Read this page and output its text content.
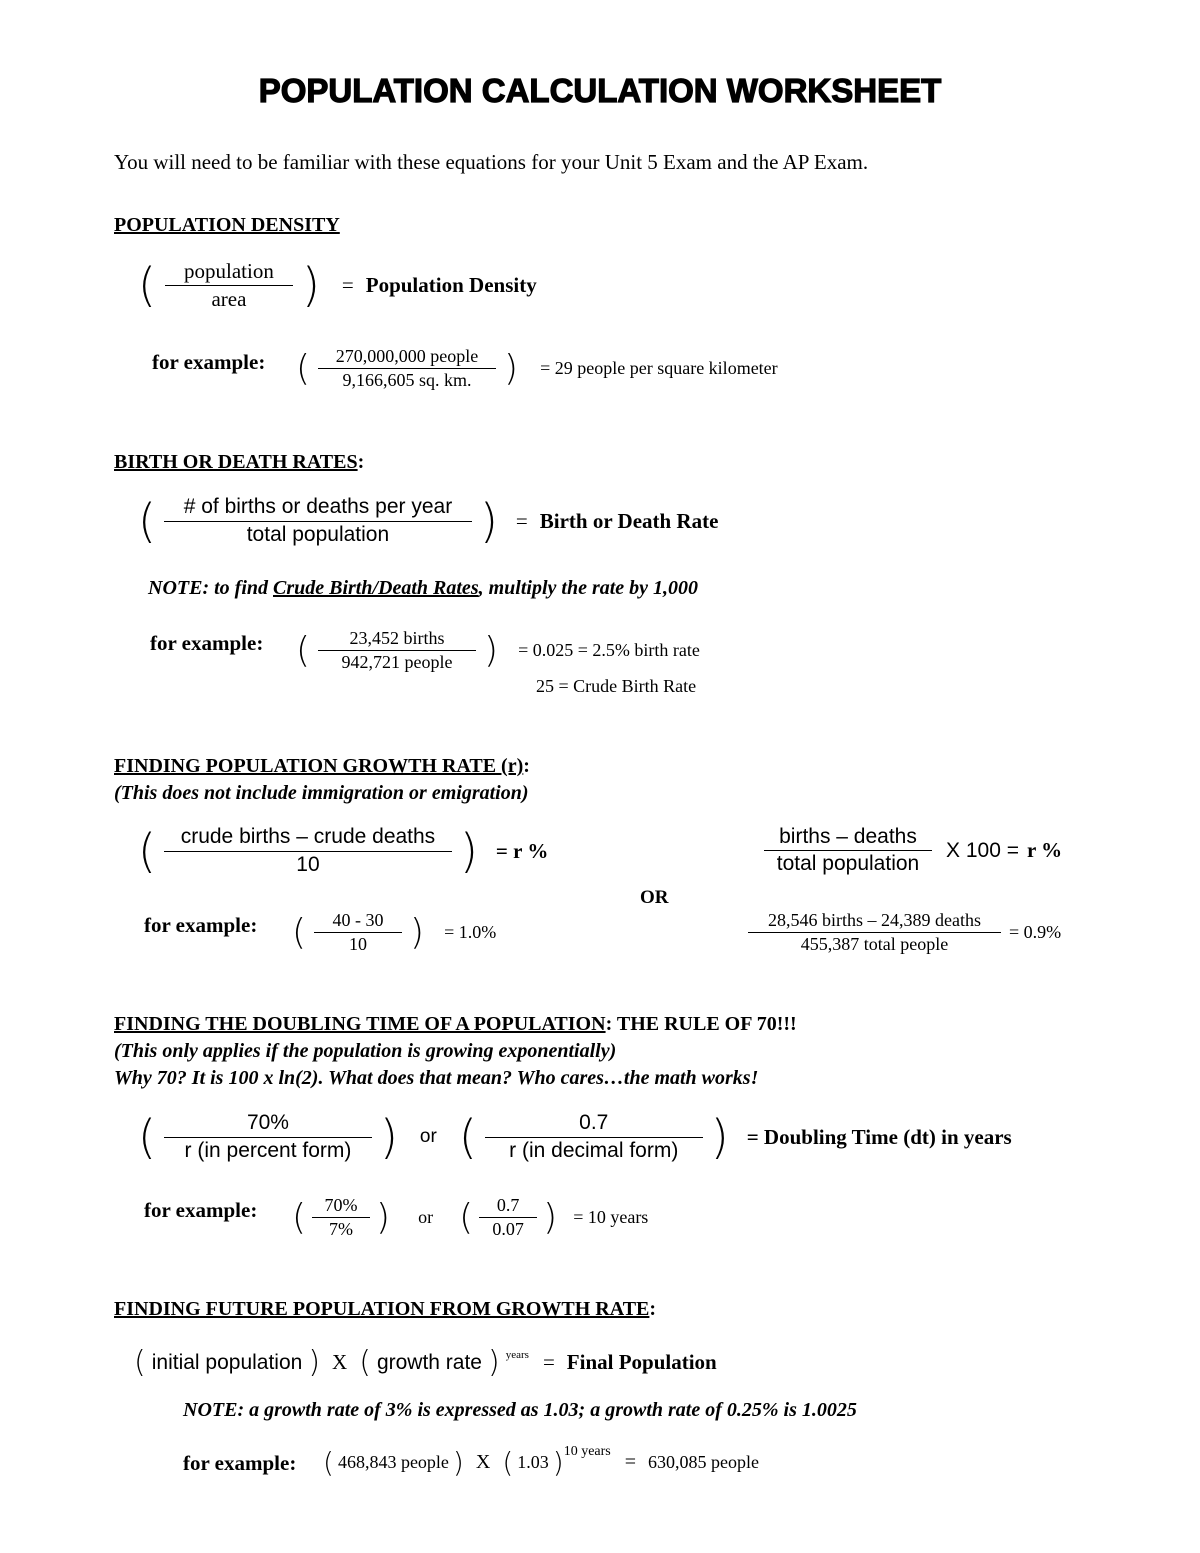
POPULATION CALCULATION WORKSHEET
You will need to be familiar with these equations for your Unit 5 Exam and the AP Exam.
POPULATION DENSITY
( $\frac{\text{population}}{\text{area}}$ ) = Population Density
for example: ( $\frac{\text{270,000,000 people}}{9,166,605 sq. km.}$ ) = 29 people per square kilometer
BIRTH OR DEATH RATES:
( $\frac{\text{\# of births or deaths per year}}{\text{total population}}$ ) = Birth or Death Rate
NOTE: to find Crude Birth/Death Rates, multiply the rate by 1,000
for example: ( $\frac{\text{23,452 births}}{\text{942,721 people}}$ ) = 0.025 = 2.5% birth rate
25 = Crude Birth Rate
FINDING POPULATION GROWTH RATE (r):
(This does not include immigration or emigration)
( $\frac{\text{crude births – crude deaths}}{10}$ ) = r %
OR
$\frac{\text{births – deaths}}{\text{total population}}$ X 100 = r %
for example: ( $\frac{40 - 30}{10}$ ) = 1.0%	$\frac{\text{28,546 births – 24,389 deaths}}{\text{455,387 total people}} = 0.9\%$
FINDING THE DOUBLING TIME OF A POPULATION: THE RULE OF 70!!!
(This only applies if the population is growing exponentially)
Why 70? It is 100 x ln(2). What does that mean? Who cares…the math works!
( $\frac{70\%}{\text{r (in percent form)}}$ ) or ( $\frac{0.7}{\text{r (in decimal form)}}$ ) = Doubling Time (dt) in years
for example: ( $\frac{70\%}{7\%}$ ) or ( $\frac{0.7}{0.07}$ ) = 10 years
FINDING FUTURE POPULATION FROM GROWTH RATE:
( initial population ) X ( growth rate ) years = Final Population
NOTE: a growth rate of 3% is expressed as 1.03; a growth rate of 0.25% is 1.0025
for example: ( 468,843 people ) X ( 1.03 ) 10 years = 630,085 people
